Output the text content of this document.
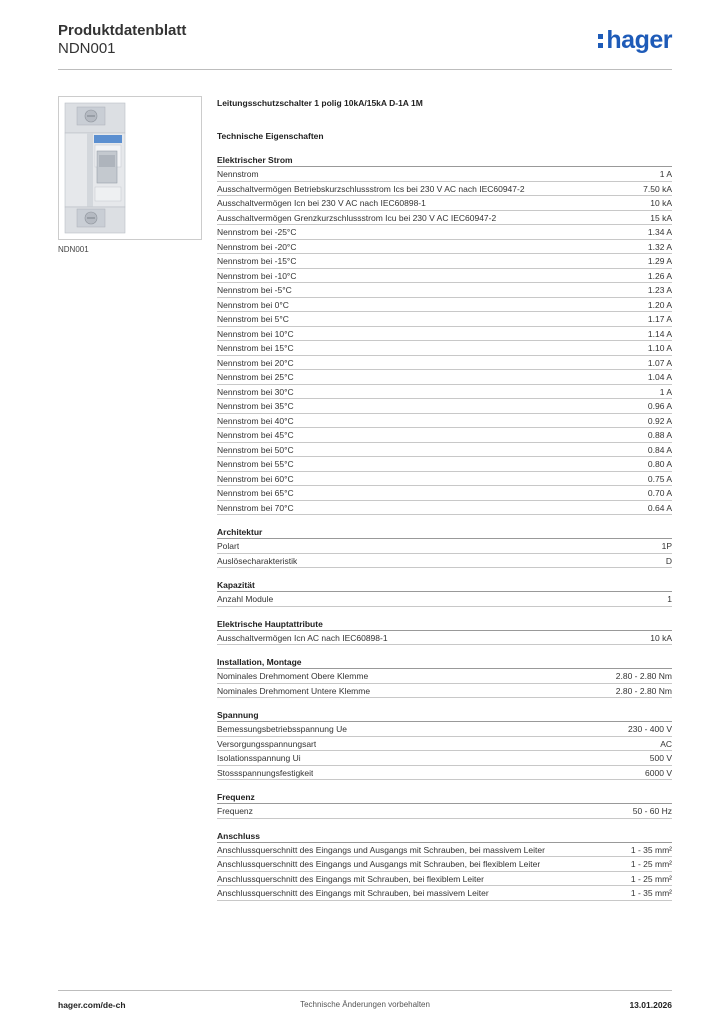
Produktdatenblatt
NDN001	hager
NDN001
Leitungsschutzschalter 1 polig 10kA/15kA D-1A 1M
Technische Eigenschaften
Elektrischer Strom
Nennstrom	1 A
Ausschaltvermögen Betriebskurzschlussstrom Ics bei 230 V AC nach IEC60947-2	7.50 kA
Ausschaltvermögen Icn bei 230 V AC nach IEC60898-1	10 kA
Ausschaltvermögen Grenzkurzschlussstrom Icu bei 230 V AC IEC60947-2	15 kA
Nennstrom bei -25°C	1.34 A
Nennstrom bei -20°C	1.32 A
Nennstrom bei -15°C	1.29 A
Nennstrom bei -10°C	1.26 A
Nennstrom bei -5°C	1.23 A
Nennstrom bei 0°C	1.20 A
Nennstrom bei 5°C	1.17 A
Nennstrom bei 10°C	1.14 A
Nennstrom bei 15°C	1.10 A
Nennstrom bei 20°C	1.07 A
Nennstrom bei 25°C	1.04 A
Nennstrom bei 30°C	1 A
Nennstrom bei 35°C	0.96 A
Nennstrom bei 40°C	0.92 A
Nennstrom bei 45°C	0.88 A
Nennstrom bei 50°C	0.84 A
Nennstrom bei 55°C	0.80 A
Nennstrom bei 60°C	0.75 A
Nennstrom bei 65°C	0.70 A
Nennstrom bei 70°C	0.64 A
Architektur
Polart	1P
Auslösecharakteristik	D
Kapazität
Anzahl Module	1
Elektrische Hauptattribute
Ausschaltvermögen Icn AC nach IEC60898-1	10 kA
Installation, Montage
Nominales Drehmoment Obere Klemme	2.80 - 2.80 Nm
Nominales Drehmoment Untere Klemme	2.80 - 2.80 Nm
Spannung
Bemessungsbetriebsspannung Ue	230 - 400 V
Versorgungsspannungsart	AC
Isolationsspannung Ui	500 V
Stossspannungsfestigkeit	6000 V
Frequenz
Frequenz	50 - 60 Hz
Anschluss
Anschlussquerschnitt des Eingangs und Ausgangs mit Schrauben, bei massivem Leiter	1 - 35 mm²
Anschlussquerschnitt des Eingangs und Ausgangs mit Schrauben, bei flexiblem Leiter	1 - 25 mm²
Anschlussquerschnitt des Eingangs mit Schrauben, bei flexiblem Leiter	1 - 25 mm²
Anschlussquerschnitt des Eingangs mit Schrauben, bei massivem Leiter	1 - 35 mm²
hager.com/de-ch	Technische Änderungen vorbehalten	13.01.2026
